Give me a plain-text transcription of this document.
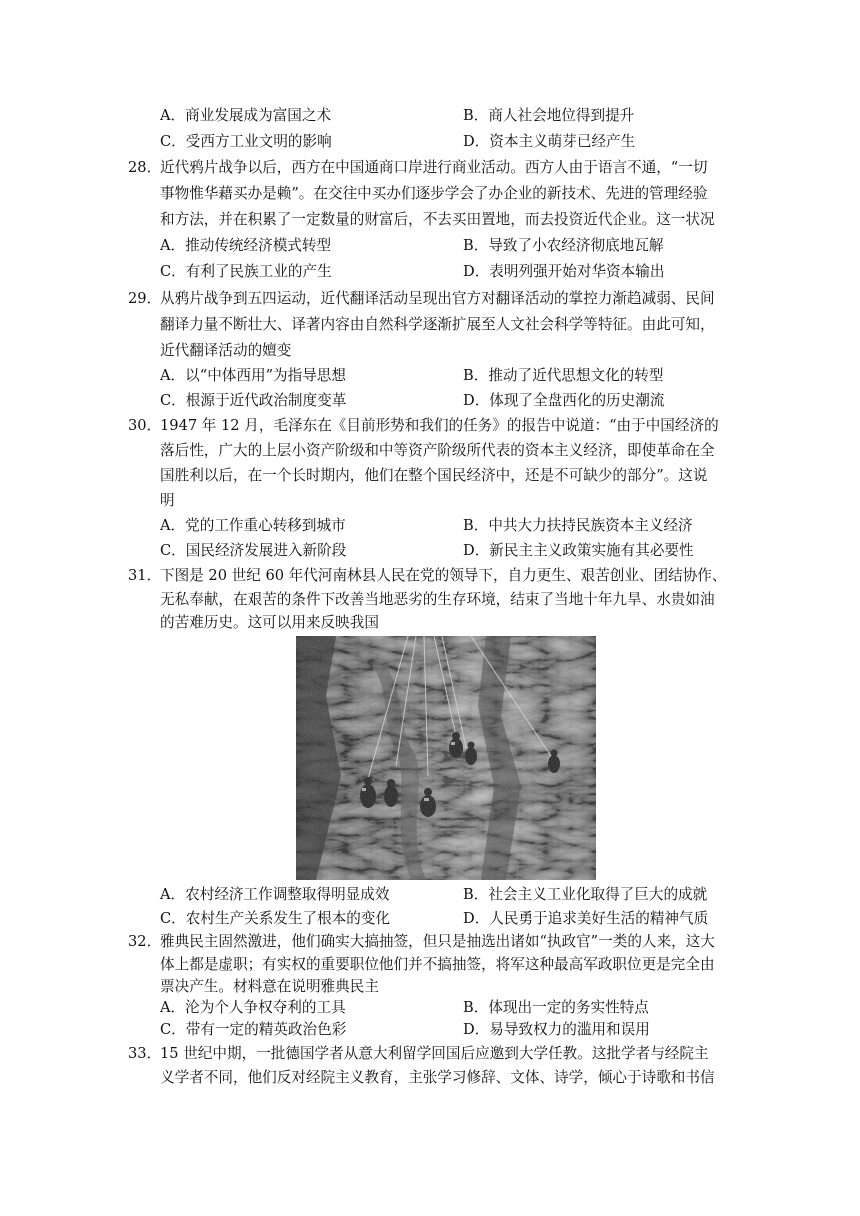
A．商业发展成为富国之术	B．商人社会地位得到提升
C．受西方工业文明的影响	D．资本主义萌芽已经产生
28．近代鸦片战争以后，西方在中国通商口岸进行商业活动。西方人由于语言不通，“一切
事物惟华藉买办是赖”。在交往中买办们逐步学会了办企业的新技术、先进的管理经验
和方法，并在积累了一定数量的财富后，不去买田置地，而去投资近代企业。这一状况
A．推动传统经济模式转型	B．导致了小农经济彻底地瓦解
C．有利了民族工业的产生	D．表明列强开始对华资本输出
29．从鸦片战争到五四运动，近代翻译活动呈现出官方对翻译活动的掌控力渐趋减弱、民间
翻译力量不断壮大、译著内容由自然科学逐渐扩展至人文社会科学等特征。由此可知，
近代翻译活动的嬗变
A．以“中体西用”为指导思想	B．推动了近代思想文化的转型
C．根源于近代政治制度变革	D．体现了全盘西化的历史潮流
30．1947 年 12 月，毛泽东在《目前形势和我们的任务》的报告中说道：“由于中国经济的
落后性，广大的上层小资产阶级和中等资产阶级所代表的资本主义经济，即使革命在全
国胜利以后，在一个长时期内，他们在整个国民经济中，还是不可缺少的部分”。这说
明
A．党的工作重心转移到城市	B．中共大力扶持民族资本主义经济
C．国民经济发展进入新阶段	D．新民主主义政策实施有其必要性
31．下图是 20 世纪 60 年代河南林县人民在党的领导下，自力更生、艰苦创业、团结协作、
无私奉献，在艰苦的条件下改善当地恶劣的生存环境，结束了当地十年九旱、水贵如油
的苦难历史。这可以用来反映我国
A．农村经济工作调整取得明显成效	B．社会主义工业化取得了巨大的成就
C．农村生产关系发生了根本的变化	D．人民勇于追求美好生活的精神气质
32．雅典民主固然激进，他们确实大搞抽签，但只是抽选出诸如“执政官”一类的人来，这大
体上都是虚职；有实权的重要职位他们并不搞抽签，将军这种最高军政职位更是完全由
票决产生。材料意在说明雅典民主
A．沦为个人争权夺利的工具	B．体现出一定的务实性特点
C．带有一定的精英政治色彩	D．易导致权力的滥用和误用
33．15 世纪中期，一批德国学者从意大利留学回国后应邀到大学任教。这批学者与经院主
义学者不同，他们反对经院主义教育，主张学习修辞、文体、诗学，倾心于诗歌和书信
